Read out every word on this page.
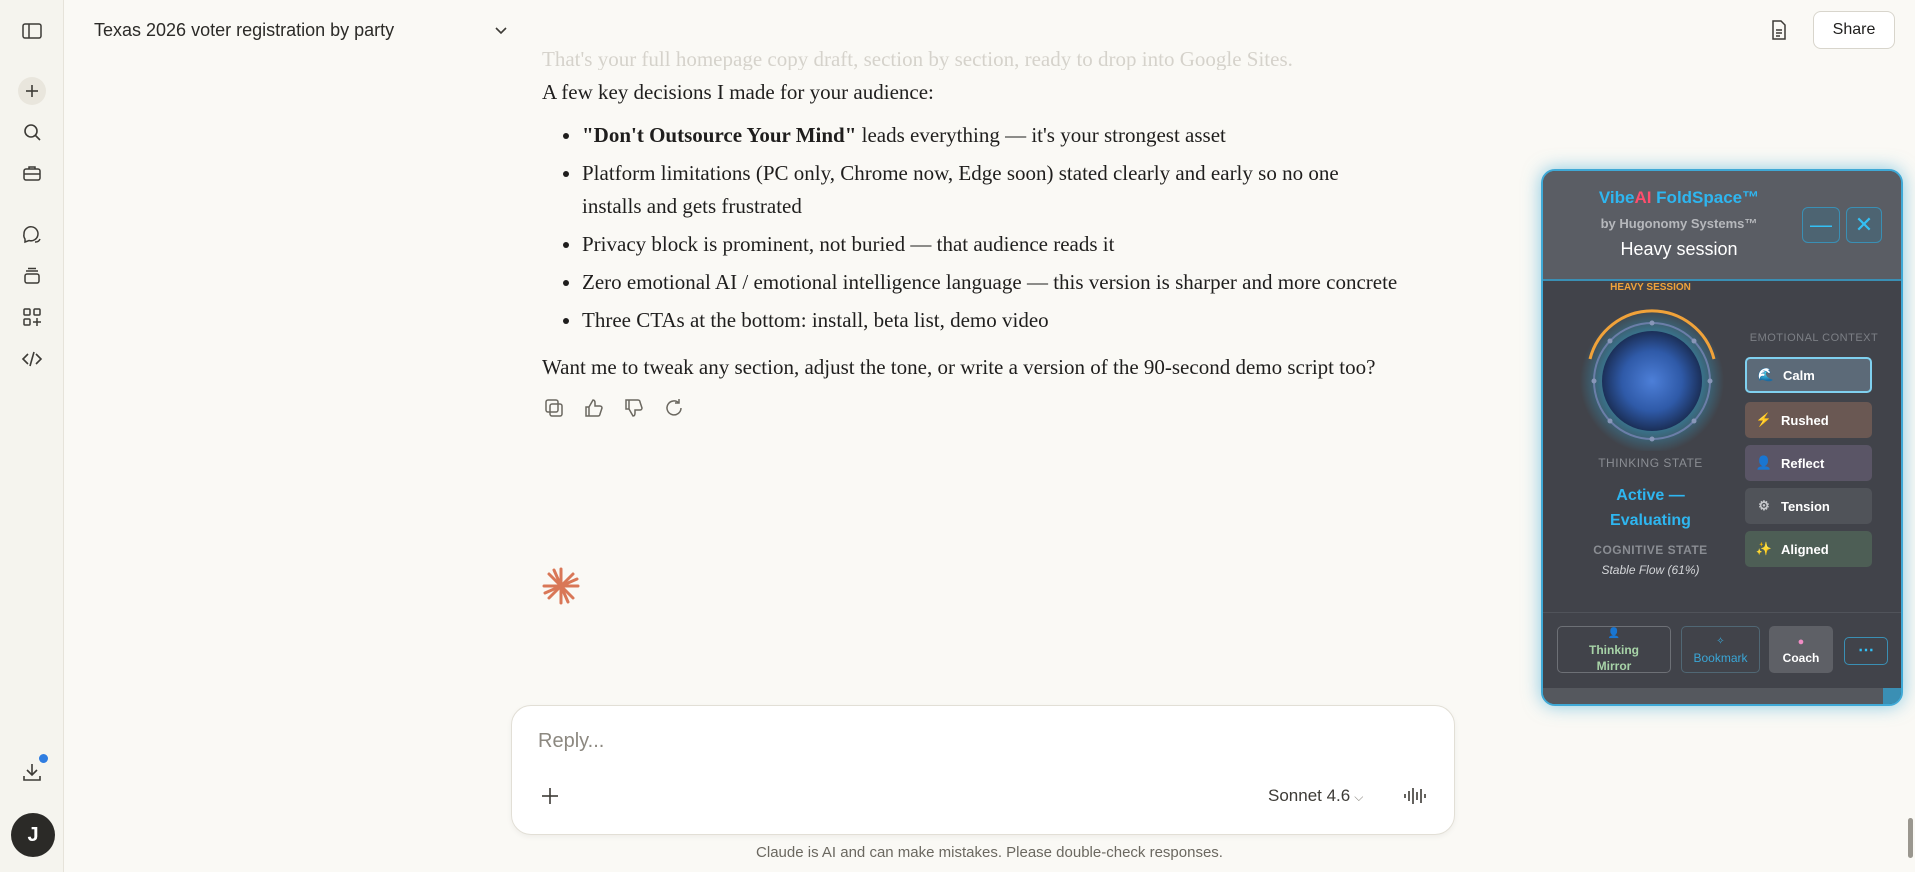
J
Texas 2026 voter registration by party	Share
That's your full homepage copy draft, section by section, ready to drop into Google Sites.

A few key decisions I made for your audience:

• "Don't Outsource Your Mind" leads everything — it's your strongest asset
• Platform limitations (PC only, Chrome now, Edge soon) stated clearly and early so no one installs and gets frustrated
• Privacy block is prominent, not buried — that audience reads it
• Zero emotional AI / emotional intelligence language — this version is sharper and more concrete
• Three CTAs at the bottom: install, beta list, demo video

Want me to tweak any section, adjust the tone, or write a version of the 90-second demo script too?

Reply...
Sonnet 4.6 ⌵
Claude is AI and can make mistakes. Please double-check responses.
VibeAI FoldSpace™
by Hugonomy Systems™
Heavy session
— ✕
HEAVY SESSION
THINKING STATE
Active —
Evaluating
COGNITIVE STATE
Stable Flow (61%)
EMOTIONAL CONTEXT
🌊 Calm
⚡ Rushed
👤 Reflect
⚙ Tension
✨ Aligned
👤
Thinking Mirror
✧
Bookmark
●
Coach	⋯
